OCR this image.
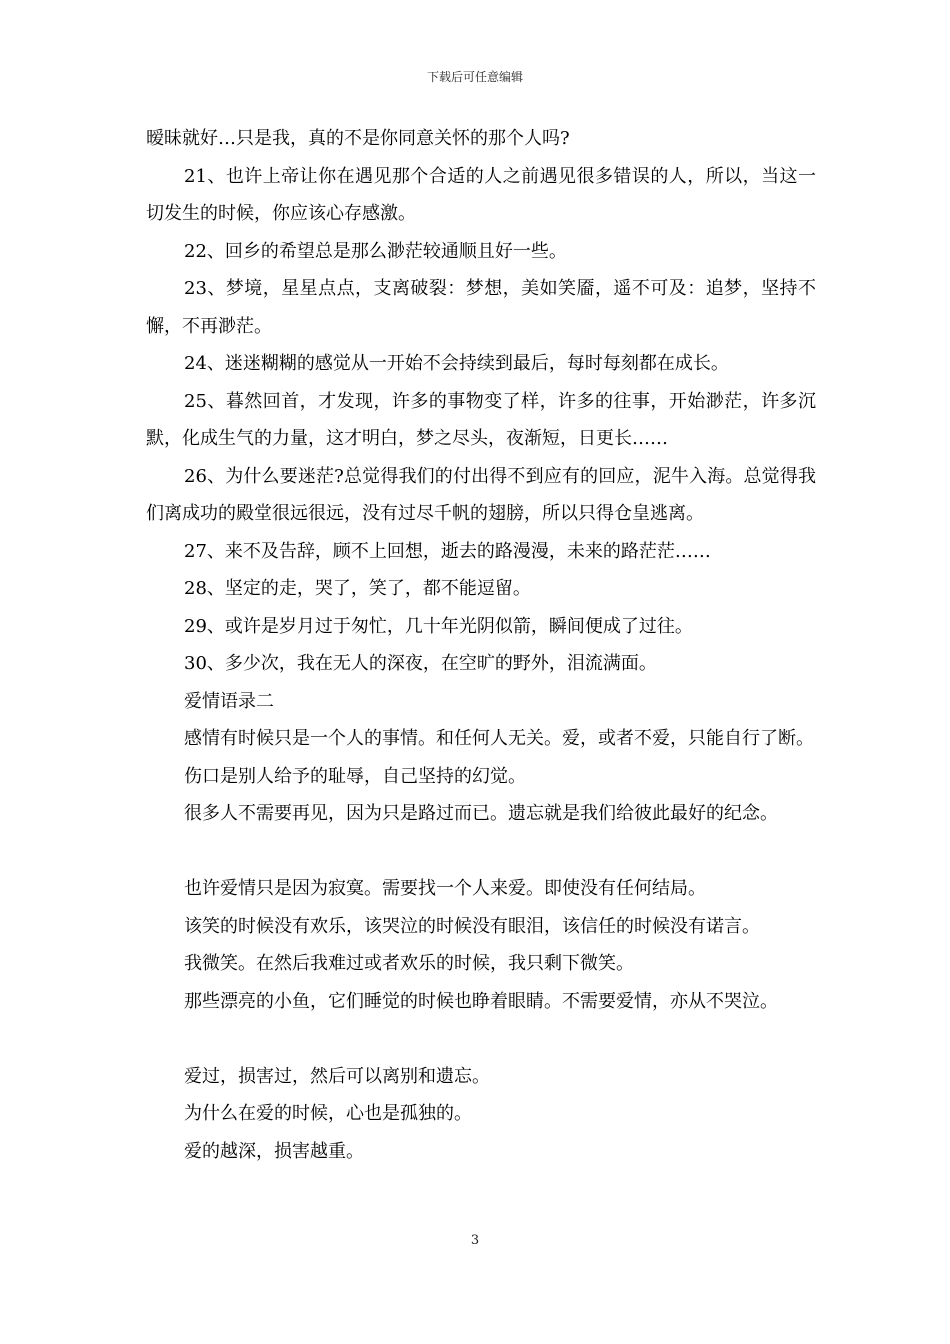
下载后可任意编辑

暧昧就好…只是我，真的不是你同意关怀的那个人吗?

21、也许上帝让你在遇见那个合适的人之前遇见很多错误的人，所以，当这一切发生的时候，你应该心存感激。

22、回乡的希望总是那么渺茫较通顺且好一些。

23、梦境，星星点点，支离破裂：梦想，美如笑靥，遥不可及：追梦，坚持不懈，不再渺茫。

24、迷迷糊糊的感觉从一开始不会持续到最后，每时每刻都在成长。

25、暮然回首，才发现，许多的事物变了样，许多的往事，开始渺茫，许多沉默，化成生气的力量，这才明白，梦之尽头，夜渐短，日更长……

26、为什么要迷茫?总觉得我们的付出得不到应有的回应，泥牛入海。总觉得我们离成功的殿堂很远很远，没有过尽千帆的翅膀，所以只得仓皇逃离。

27、来不及告辞，顾不上回想，逝去的路漫漫，未来的路茫茫……

28、坚定的走，哭了，笑了，都不能逗留。

29、或许是岁月过于匆忙，几十年光阴似箭，瞬间便成了过往。

30、多少次，我在无人的深夜，在空旷的野外，泪流满面。

爱情语录二

感情有时候只是一个人的事情。和任何人无关。爱，或者不爱，只能自行了断。

伤口是别人给予的耻辱，自己坚持的幻觉。

很多人不需要再见，因为只是路过而已。遗忘就是我们给彼此最好的纪念。

也许爱情只是因为寂寞。需要找一个人来爱。即使没有任何结局。

该笑的时候没有欢乐，该哭泣的时候没有眼泪，该信任的时候没有诺言。

我微笑。在然后我难过或者欢乐的时候，我只剩下微笑。

那些漂亮的小鱼，它们睡觉的时候也睁着眼睛。不需要爱情，亦从不哭泣。

爱过，损害过，然后可以离别和遗忘。

为什么在爱的时候，心也是孤独的。

爱的越深，损害越重。

3
